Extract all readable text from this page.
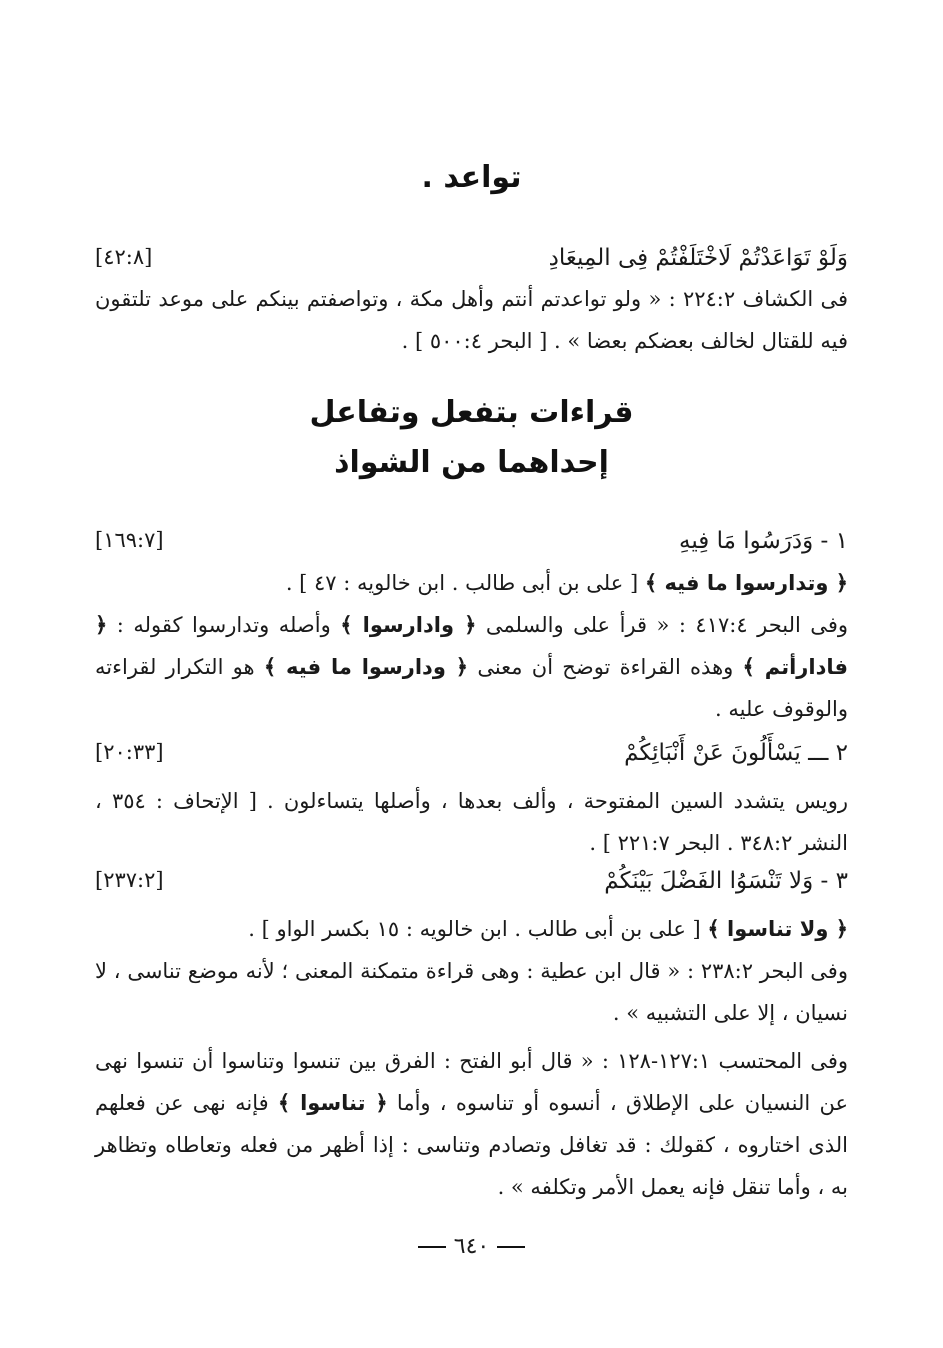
تواعد .
وَلَوْ تَوَاعَدْتُمْ لَاخْتَلَفْتُمْ فِى المِيعَادِ
[٤٢:٨]
فى الكشاف ٢٢٤:٢ : « ولو تواعدتم أنتم وأهل مكة ، وتواصفتم بينكم على موعد تلتقون فيه للقتال لخالف بعضكم بعضا » . [ البحر ٥٠٠:٤ ] .
قراءات بتفعل وتفاعل
إحداهما من الشواذ
١ - وَدَرَسُوا مَا فِيهِ
[١٦٩:٧]
﴿ وتدارسوا ما فيه ﴾ [ على بن أبى طالب . ابن خالويه : ٤٧ ] .
وفى البحر ٤١٧:٤ : « قرأ على والسلمى ﴿ وادارسوا ﴾ وأصله وتدارسوا كقوله : ﴿ فادارأتم ﴾ وهذه القراءة توضح أن معنى ﴿ ودارسوا ما فيه ﴾ هو التكرار لقراءته والوقوف عليه .
٢ ـــ يَسْأَلُونَ عَنْ أَنْبَائِكُمْ
[٢٠:٣٣]
رويس يتشدد السين المفتوحة ، وألف بعدها ، وأصلها يتساءلون . [ الإتحاف : ٣٥٤ ، النشر ٣٤٨:٢ . البحر ٢٢١:٧ ] .
٣ - وَلا تَنْسَوُا الفَضْلَ بَيْنَكُمْ
[٢٣٧:٢]
﴿ ولا تناسوا ﴾ [ على بن أبى طالب . ابن خالويه : ١٥ بكسر الواو ] .
وفى البحر ٢٣٨:٢ : « قال ابن عطية : وهى قراءة متمكنة المعنى ؛ لأنه موضع تناسى ، لا نسيان ، إلا على التشبيه » .
وفى المحتسب ١٢٧:١-١٢٨ : « قال أبو الفتح : الفرق بين تنسوا وتناسوا أن تنسوا نهى عن النسيان على الإطلاق ، أنسوه أو تناسوه ، وأما ﴿ تناسوا ﴾ فإنه نهى عن فعلهم الذى اختاروه ، كقولك : قد تغافل وتصادم وتناسى : إذا أظهر من فعله وتعاطاه وتظاهر به ، وأما تنقل فإنه يعمل الأمر وتكلفه » .
٦٤٠
